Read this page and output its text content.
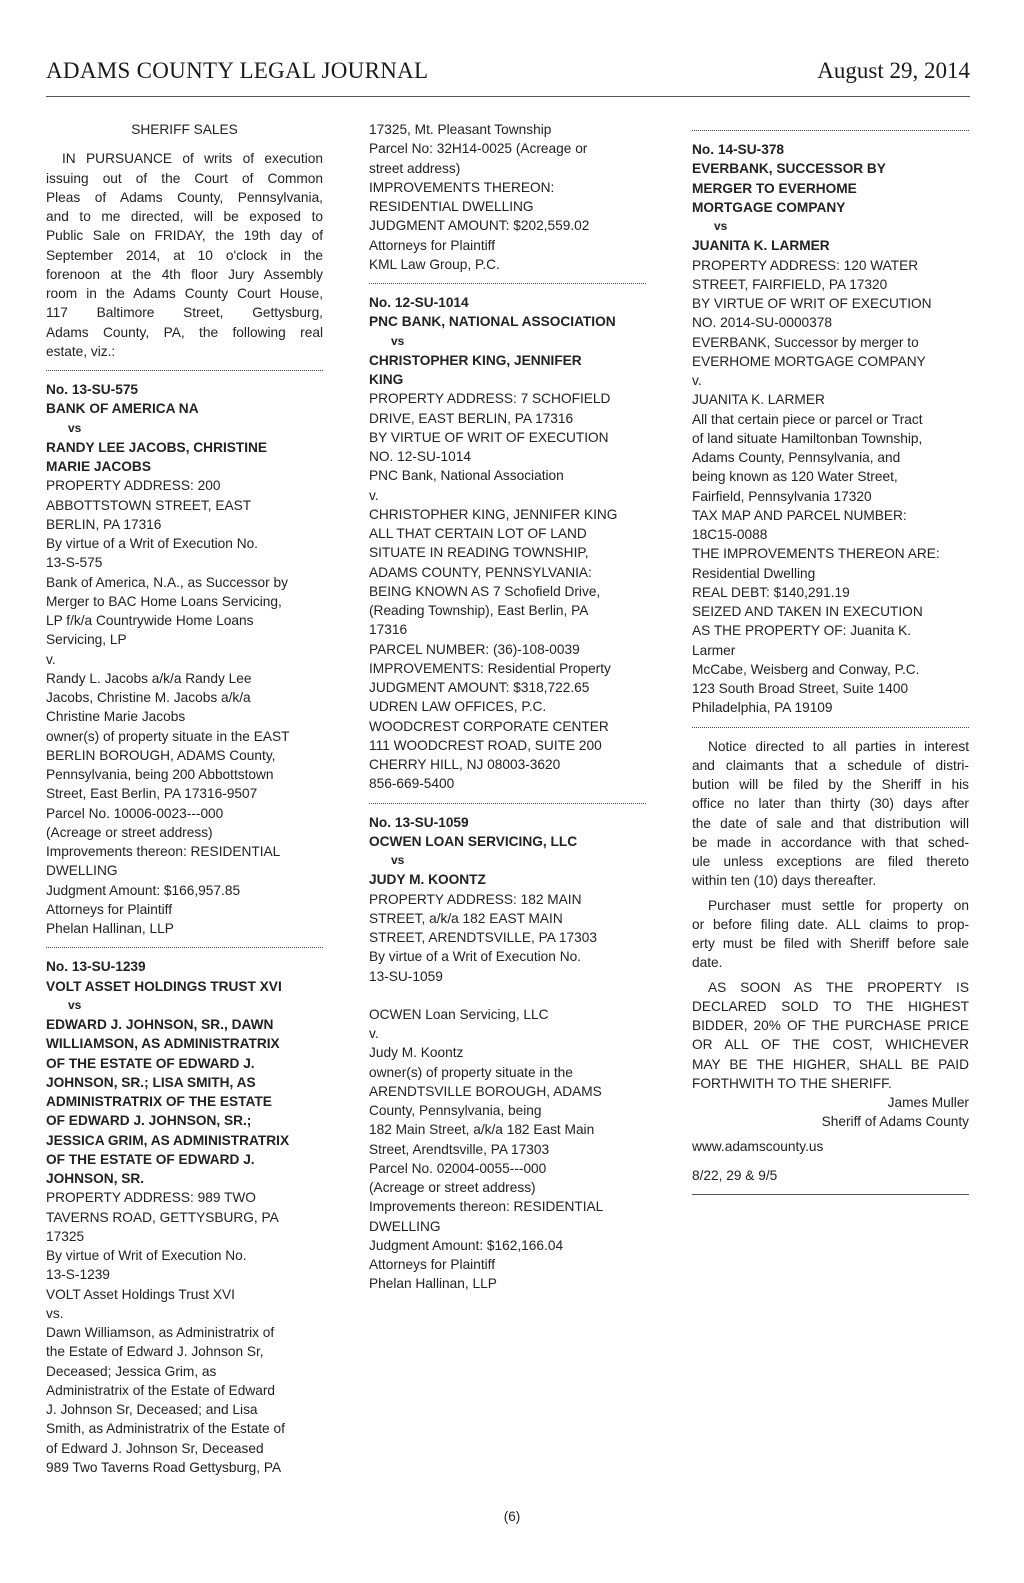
ADAMS COUNTY LEGAL JOURNAL	August 29, 2014
SHERIFF SALES
IN PURSUANCE of writs of execution
issuing out of the Court of Common
Pleas of Adams County, Pennsylvania,
and to me directed, will be exposed to
Public Sale on FRIDAY, the 19th day of
September 2014, at 10 o'clock in the
forenoon at the 4th floor Jury Assembly
room in the Adams County Court House,
117 Baltimore Street, Gettysburg,
Adams County, PA, the following real
estate, viz.:
No. 13-SU-575
BANK OF AMERICA NA
vs
RANDY LEE JACOBS, CHRISTINE
MARIE JACOBS
PROPERTY ADDRESS: 200
ABBOTTSTOWN STREET, EAST
BERLIN, PA 17316
By virtue of a Writ of Execution No.
13-S-575
Bank of America, N.A., as Successor by
Merger to BAC Home Loans Servicing,
LP f/k/a Countrywide Home Loans
Servicing, LP
v.
Randy L. Jacobs a/k/a Randy Lee
Jacobs, Christine M. Jacobs a/k/a
Christine Marie Jacobs
owner(s) of property situate in the EAST
BERLIN BOROUGH, ADAMS County,
Pennsylvania, being 200 Abbottstown
Street, East Berlin, PA 17316-9507
Parcel No. 10006-0023---000
(Acreage or street address)
Improvements thereon: RESIDENTIAL
DWELLING
Judgment Amount: $166,957.85
Attorneys for Plaintiff
Phelan Hallinan, LLP
No. 13-SU-1239
VOLT ASSET HOLDINGS TRUST XVI
vs
EDWARD J. JOHNSON, SR., DAWN
WILLIAMSON, AS ADMINISTRATRIX
OF THE ESTATE OF EDWARD J.
JOHNSON, SR.; LISA SMITH, AS
ADMINISTRATRIX OF THE ESTATE
OF EDWARD J. JOHNSON, SR.;
JESSICA GRIM, AS ADMINISTRATRIX
OF THE ESTATE OF EDWARD J.
JOHNSON, SR.
PROPERTY ADDRESS: 989 TWO
TAVERNS ROAD, GETTYSBURG, PA
17325
By virtue of Writ of Execution No.
13-S-1239
VOLT Asset Holdings Trust XVI
vs.
Dawn Williamson, as Administratrix of
the Estate of Edward J. Johnson Sr,
Deceased; Jessica Grim, as
Administratrix of the Estate of Edward
J. Johnson Sr, Deceased; and Lisa
Smith, as Administratrix of the Estate of
of Edward J. Johnson Sr, Deceased
989 Two Taverns Road Gettysburg, PA
17325, Mt. Pleasant Township
Parcel No: 32H14-0025 (Acreage or
street address)
IMPROVEMENTS THEREON:
RESIDENTIAL DWELLING
JUDGMENT AMOUNT: $202,559.02
Attorneys for Plaintiff
KML Law Group, P.C.
No. 12-SU-1014
PNC BANK, NATIONAL ASSOCIATION
vs
CHRISTOPHER KING, JENNIFER
KING
PROPERTY ADDRESS: 7 SCHOFIELD
DRIVE, EAST BERLIN, PA 17316
BY VIRTUE OF WRIT OF EXECUTION
NO. 12-SU-1014
PNC Bank, National Association
v.
CHRISTOPHER KING, JENNIFER KING
ALL THAT CERTAIN LOT OF LAND
SITUATE IN READING TOWNSHIP,
ADAMS COUNTY, PENNSYLVANIA:
BEING KNOWN AS 7 Schofield Drive,
(Reading Township), East Berlin, PA
17316
PARCEL NUMBER: (36)-108-0039
IMPROVEMENTS: Residential Property
JUDGMENT AMOUNT: $318,722.65
UDREN LAW OFFICES, P.C.
WOODCREST CORPORATE CENTER
111 WOODCREST ROAD, SUITE 200
CHERRY HILL, NJ 08003-3620
856-669-5400
No. 13-SU-1059
OCWEN LOAN SERVICING, LLC
vs
JUDY M. KOONTZ
PROPERTY ADDRESS: 182 MAIN
STREET, a/k/a 182 EAST MAIN
STREET, ARENDTSVILLE, PA 17303
By virtue of a Writ of Execution No.
13-SU-1059
OCWEN Loan Servicing, LLC
v.
Judy M. Koontz
owner(s) of property situate in the
ARENDTSVILLE BOROUGH, ADAMS
County, Pennsylvania, being
182 Main Street, a/k/a 182 East Main
Street, Arendtsville, PA 17303
Parcel No. 02004-0055---000
(Acreage or street address)
Improvements thereon: RESIDENTIAL
DWELLING
Judgment Amount: $162,166.04
Attorneys for Plaintiff
Phelan Hallinan, LLP
No. 14-SU-378
EVERBANK, SUCCESSOR BY
MERGER TO EVERHOME
MORTGAGE COMPANY
vs
JUANITA K. LARMER
PROPERTY ADDRESS: 120 WATER
STREET, FAIRFIELD, PA 17320
BY VIRTUE OF WRIT OF EXECUTION
NO. 2014-SU-0000378
EVERBANK, Successor by merger to
EVERHOME MORTGAGE COMPANY
v.
JUANITA K. LARMER
All that certain piece or parcel or Tract
of land situate Hamiltonban Township,
Adams County, Pennsylvania, and
being known as 120 Water Street,
Fairfield, Pennsylvania 17320
TAX MAP AND PARCEL NUMBER:
18C15-0088
THE IMPROVEMENTS THEREON ARE:
Residential Dwelling
REAL DEBT: $140,291.19
SEIZED AND TAKEN IN EXECUTION
AS THE PROPERTY OF: Juanita K.
Larmer
McCabe, Weisberg and Conway, P.C.
123 South Broad Street, Suite 1400
Philadelphia, PA 19109
Notice directed to all parties in interest
and claimants that a schedule of distri-
bution will be filed by the Sheriff in his
office no later than thirty (30) days after
the date of sale and that distribution will
be made in accordance with that sched-
ule unless exceptions are filed thereto
within ten (10) days thereafter.
Purchaser must settle for property on
or before filing date. ALL claims to prop-
erty must be filed with Sheriff before sale
date.
AS SOON AS THE PROPERTY IS
DECLARED SOLD TO THE HIGHEST
BIDDER, 20% OF THE PURCHASE PRICE
OR ALL OF THE COST, WHICHEVER
MAY BE THE HIGHER, SHALL BE PAID
FORTHWITH TO THE SHERIFF.
James Muller
Sheriff of Adams County
www.adamscounty.us
8/22, 29 & 9/5
(6)
